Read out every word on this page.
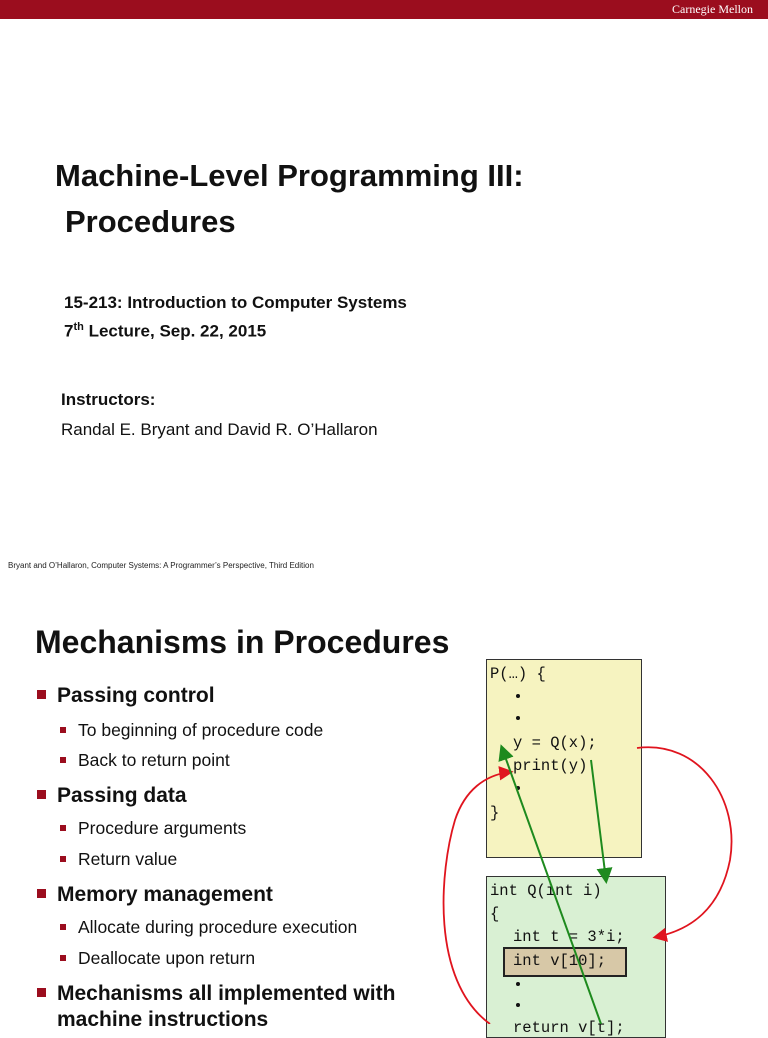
Carnegie Mellon
Machine-Level Programming III:
Procedures
15-213: Introduction to Computer Systems
7th Lecture, Sep. 22, 2015
Instructors:
Randal E. Bryant and David R. O’Hallaron
Bryant and O’Hallaron, Computer Systems: A Programmer’s Perspective, Third Edition
Mechanisms in Procedures
Passing control
To beginning of procedure code
Back to return point
Passing data
Procedure arguments
Return value
Memory management
Allocate during procedure execution
Deallocate upon return
Mechanisms all implemented with
machine instructions
P(…) {
y = Q(x);
print(y)
}
int Q(int i)
{
int t = 3*i;
int v[10];
return v[t];
